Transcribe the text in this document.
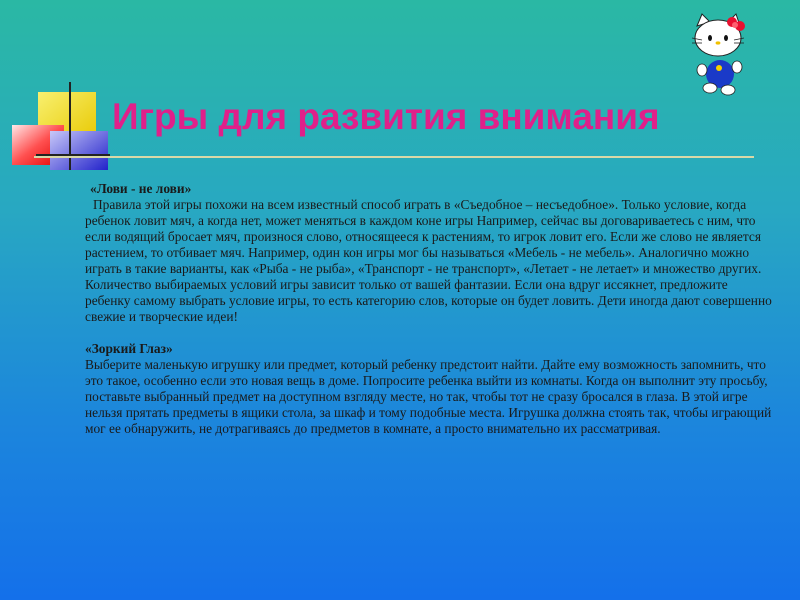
Игры для развития внимания

«Лови - не лови»

Правила этой игры похожи на всем известный способ играть в «Съедобное – несъедобное». Только условие, когда ребенок ловит мяч, а когда нет, может меняться в каждом коне игры Например, сейчас вы договариваетесь с ним, что если водящий бросает мяч, произнося слово, относящееся к растениям, то игрок ловит его. Если же слово не является растением, то отбивает мяч. Например, один кон игры мог бы называться «Мебель - не мебель». Аналогично можно играть в такие варианты, как «Рыба - не рыба», «Транспорт - не транспорт», «Летает - не летает» и множество других. Количество выбираемых условий игры зависит только от вашей фантазии. Если она вдруг иссякнет, предложите ребенку самому выбрать условие игры, то есть категорию слов, которые он будет ловить. Дети иногда дают совершенно свежие и творческие идеи!

«Зоркий Глаз»

Выберите маленькую игрушку или предмет, который ребенку предстоит найти. Дайте ему возможность запомнить, что это такое, особенно если это новая вещь в доме. Попросите ребенка выйти из комнаты. Когда он выполнит эту просьбу, поставьте выбранный предмет на доступном взгляду месте, но так, чтобы тот не сразу бросался в глаза. В этой игре нельзя прятать предметы в ящики стола, за шкаф и тому подобные места. Игрушка должна стоять так, чтобы играющий мог ее обнаружить, не дотрагиваясь до предметов в комнате, а просто внимательно их рассматривая.
